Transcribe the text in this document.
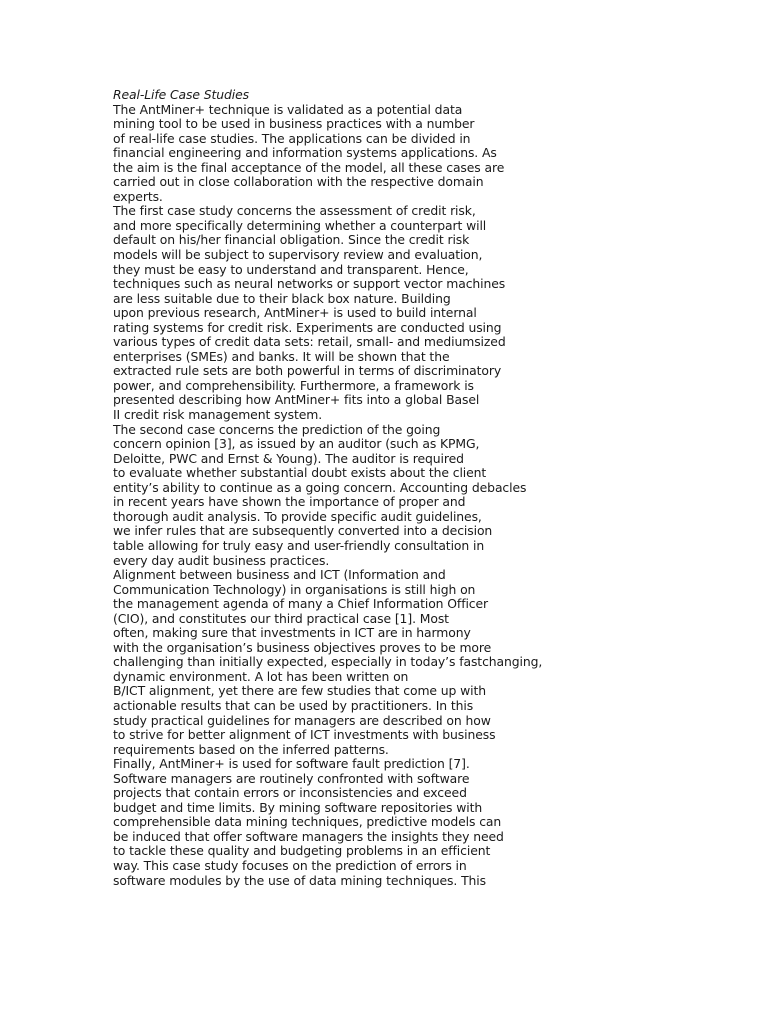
Real-Life Case Studies
The AntMiner+ technique is validated as a potential data
mining tool to be used in business practices with a number
of real-life case studies. The applications can be divided in
financial engineering and information systems applications. As
the aim is the final acceptance of the model, all these cases are
carried out in close collaboration with the respective domain
experts.
The first case study concerns the assessment of credit risk,
and more specifically determining whether a counterpart will
default on his/her financial obligation. Since the credit risk
models will be subject to supervisory review and evaluation,
they must be easy to understand and transparent. Hence,
techniques such as neural networks or support vector machines
are less suitable due to their black box nature. Building
upon previous research, AntMiner+ is used to build internal
rating systems for credit risk. Experiments are conducted using
various types of credit data sets: retail, small- and mediumsized
enterprises (SMEs) and banks. It will be shown that the
extracted rule sets are both powerful in terms of discriminatory
power, and comprehensibility. Furthermore, a framework is
presented describing how AntMiner+ fits into a global Basel
II credit risk management system.
The second case concerns the prediction of the going
concern opinion [3], as issued by an auditor (such as KPMG,
Deloitte, PWC and Ernst & Young). The auditor is required
to evaluate whether substantial doubt exists about the client
entity’s ability to continue as a going concern. Accounting debacles
in recent years have shown the importance of proper and
thorough audit analysis. To provide specific audit guidelines,
we infer rules that are subsequently converted into a decision
table allowing for truly easy and user-friendly consultation in
every day audit business practices.
Alignment between business and ICT (Information and
Communication Technology) in organisations is still high on
the management agenda of many a Chief Information Officer
(CIO), and constitutes our third practical case [1]. Most
often, making sure that investments in ICT are in harmony
with the organisation’s business objectives proves to be more
challenging than initially expected, especially in today’s fastchanging,
dynamic environment. A lot has been written on
B/ICT alignment, yet there are few studies that come up with
actionable results that can be used by practitioners. In this
study practical guidelines for managers are described on how
to strive for better alignment of ICT investments with business
requirements based on the inferred patterns.
Finally, AntMiner+ is used for software fault prediction [7].
Software managers are routinely confronted with software
projects that contain errors or inconsistencies and exceed
budget and time limits. By mining software repositories with
comprehensible data mining techniques, predictive models can
be induced that offer software managers the insights they need
to tackle these quality and budgeting problems in an efficient
way. This case study focuses on the prediction of errors in
software modules by the use of data mining techniques. This
